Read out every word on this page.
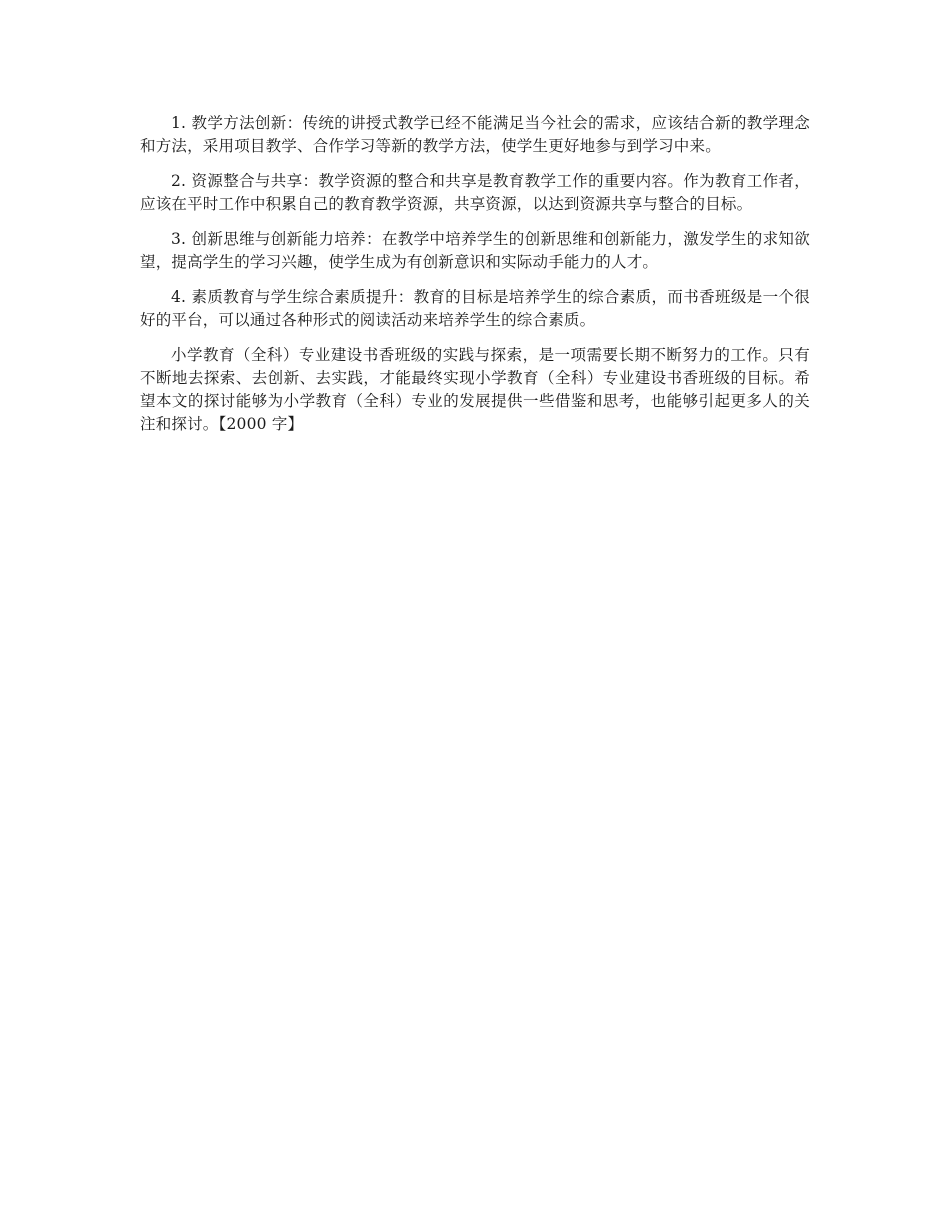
1. 教学方法创新：传统的讲授式教学已经不能满足当今社会的需求，应该结合新的教学理念和方法，采用项目教学、合作学习等新的教学方法，使学生更好地参与到学习中来。

2. 资源整合与共享：教学资源的整合和共享是教育教学工作的重要内容。作为教育工作者，应该在平时工作中积累自己的教育教学资源，共享资源，以达到资源共享与整合的目标。

3. 创新思维与创新能力培养：在教学中培养学生的创新思维和创新能力，激发学生的求知欲望，提高学生的学习兴趣，使学生成为有创新意识和实际动手能力的人才。

4. 素质教育与学生综合素质提升：教育的目标是培养学生的综合素质，而书香班级是一个很好的平台，可以通过各种形式的阅读活动来培养学生的综合素质。

小学教育（全科）专业建设书香班级的实践与探索，是一项需要长期不断努力的工作。只有不断地去探索、去创新、去实践，才能最终实现小学教育（全科）专业建设书香班级的目标。希望本文的探讨能够为小学教育（全科）专业的发展提供一些借鉴和思考，也能够引起更多人的关注和探讨。【2000 字】
